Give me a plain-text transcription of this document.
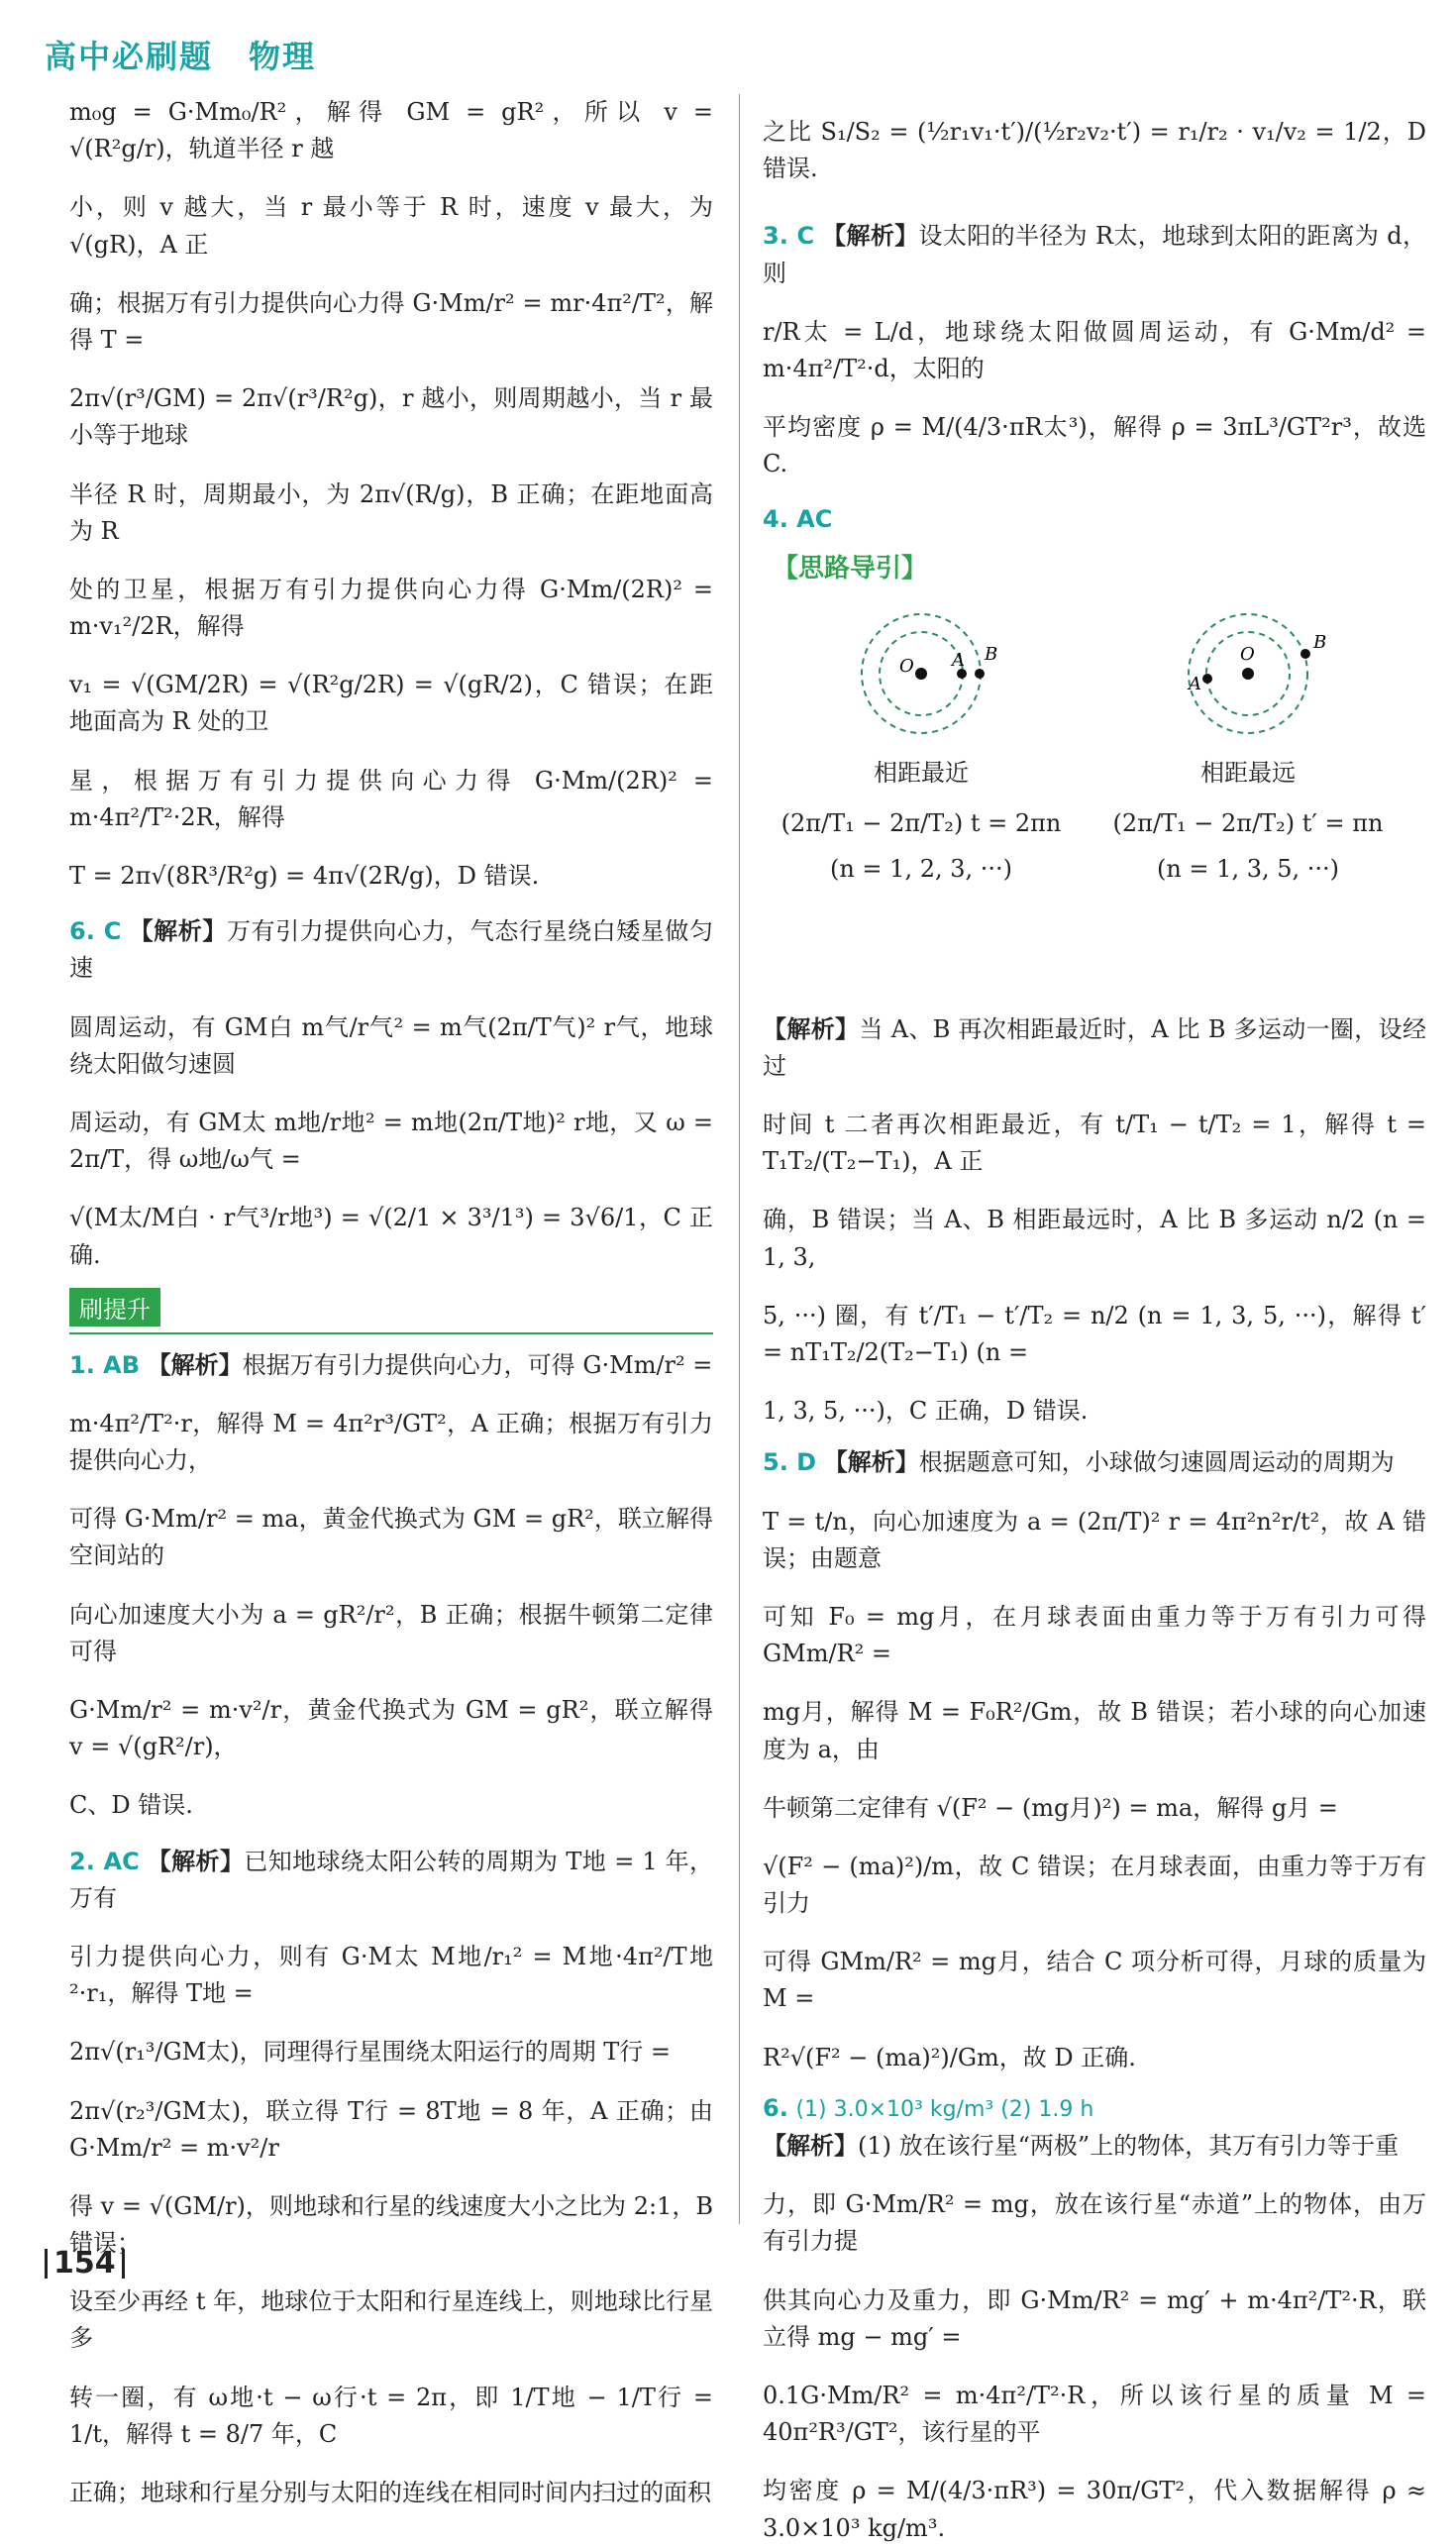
高中必刷题 物理

m₀g = G·Mm₀/R²，解得 GM = gR²，所以 v = √(R²g/r)，轨道半径 r 越

小，则 v 越大，当 r 最小等于 R 时，速度 v 最大，为 √(gR)，A 正

确；根据万有引力提供向心力得 G·Mm/r² = mr·4π²/T²，解得 T =

2π√(r³/GM) = 2π√(r³/R²g)，r 越小，则周期越小，当 r 最小等于地球

半径 R 时，周期最小，为 2π√(R/g)，B 正确；在距地面高为 R

处的卫星，根据万有引力提供向心力得 G·Mm/(2R)² = m·v₁²/2R，解得

v₁ = √(GM/2R) = √(R²g/2R) = √(gR/2)，C 错误；在距地面高为 R 处的卫

星，根据万有引力提供向心力得 G·Mm/(2R)² = m·4π²/T²·2R，解得

T = 2π√(8R³/R²g) = 4π√(2R/g)，D 错误.

6. C 【解析】万有引力提供向心力，气态行星绕白矮星做匀速

圆周运动，有 GM白 m气/r气² = m气(2π/T气)² r气，地球绕太阳做匀速圆

周运动，有 GM太 m地/r地² = m地(2π/T地)² r地，又 ω = 2π/T，得 ω地/ω气 =

√(M太/M白 · r气³/r地³) = √(2/1 × 3³/1³) = 3√6/1，C 正确.

刷提升

1. AB 【解析】根据万有引力提供向心力，可得 G·Mm/r² =

m·4π²/T²·r，解得 M = 4π²r³/GT²，A 正确；根据万有引力提供向心力，

可得 G·Mm/r² = ma，黄金代换式为 GM = gR²，联立解得空间站的

向心加速度大小为 a = gR²/r²，B 正确；根据牛顿第二定律可得

G·Mm/r² = m·v²/r，黄金代换式为 GM = gR²，联立解得 v = √(gR²/r)，

C、D 错误.

2. AC 【解析】已知地球绕太阳公转的周期为 T地 = 1 年，万有

引力提供向心力，则有 G·M太 M地/r₁² = M地·4π²/T地²·r₁，解得 T地 =

2π√(r₁³/GM太)，同理得行星围绕太阳运行的周期 T行 =

2π√(r₂³/GM太)，联立得 T行 = 8T地 = 8 年，A 正确；由 G·Mm/r² = m·v²/r

得 v = √(GM/r)，则地球和行星的线速度大小之比为 2:1，B 错误；

设至少再经 t 年，地球位于太阳和行星连线上，则地球比行星多

转一圈，有 ω地·t − ω行·t = 2π，即 1/T地 − 1/T行 = 1/t，解得 t = 8/7 年，C

正确；地球和行星分别与太阳的连线在相同时间内扫过的面积

之比 S₁/S₂ = (½r₁v₁·t′)/(½r₂v₂·t′) = r₁/r₂ · v₁/v₂ = 1/2，D 错误.

3. C 【解析】设太阳的半径为 R太，地球到太阳的距离为 d，则

r/R太 = L/d，地球绕太阳做圆周运动，有 G·Mm/d² = m·4π²/T²·d，太阳的

平均密度 ρ = M/(4/3·πR太³)，解得 ρ = 3πL³/GT²r³，故选 C.

4. AC

【思路导引】
O A B
相距最近
(2π/T₁ − 2π/T₂) t = 2πn
(n = 1, 2, 3, ···)
O
A
B
相距最远
(2π/T₁ − 2π/T₂) t′ = πn
(n = 1, 3, 5, ···)

【解析】当 A、B 再次相距最近时，A 比 B 多运动一圈，设经过

时间 t 二者再次相距最近，有 t/T₁ − t/T₂ = 1，解得 t = T₁T₂/(T₂−T₁)，A 正

确，B 错误；当 A、B 相距最远时，A 比 B 多运动 n/2 (n = 1, 3,

5, ···) 圈，有 t′/T₁ − t′/T₂ = n/2 (n = 1, 3, 5, ···)，解得 t′ = nT₁T₂/2(T₂−T₁) (n =

1, 3, 5, ···)，C 正确，D 错误.

5. D 【解析】根据题意可知，小球做匀速圆周运动的周期为

T = t/n，向心加速度为 a = (2π/T)² r = 4π²n²r/t²，故 A 错误；由题意

可知 F₀ = mg月，在月球表面由重力等于万有引力可得 GMm/R² =

mg月，解得 M = F₀R²/Gm，故 B 错误；若小球的向心加速度为 a，由

牛顿第二定律有 √(F² − (mg月)²) = ma，解得 g月 =

√(F² − (ma)²)/m，故 C 错误；在月球表面，由重力等于万有引力

可得 GMm/R² = mg月，结合 C 项分析可得，月球的质量为 M =

R²√(F² − (ma)²)/Gm，故 D 正确.

6. (1) 3.0×10³ kg/m³ (2) 1.9 h

【解析】(1) 放在该行星“两极”上的物体，其万有引力等于重

力，即 G·Mm/R² = mg，放在该行星“赤道”上的物体，由万有引力提

供其向心力及重力，即 G·Mm/R² = mg′ + m·4π²/T²·R，联立得 mg − mg′ =

0.1G·Mm/R² = m·4π²/T²·R，所以该行星的质量 M = 40π²R³/GT²，该行星的平

均密度 ρ = M/(4/3·πR³) = 30π/GT²，代入数据解得 ρ ≈ 3.0×10³ kg/m³.

154
